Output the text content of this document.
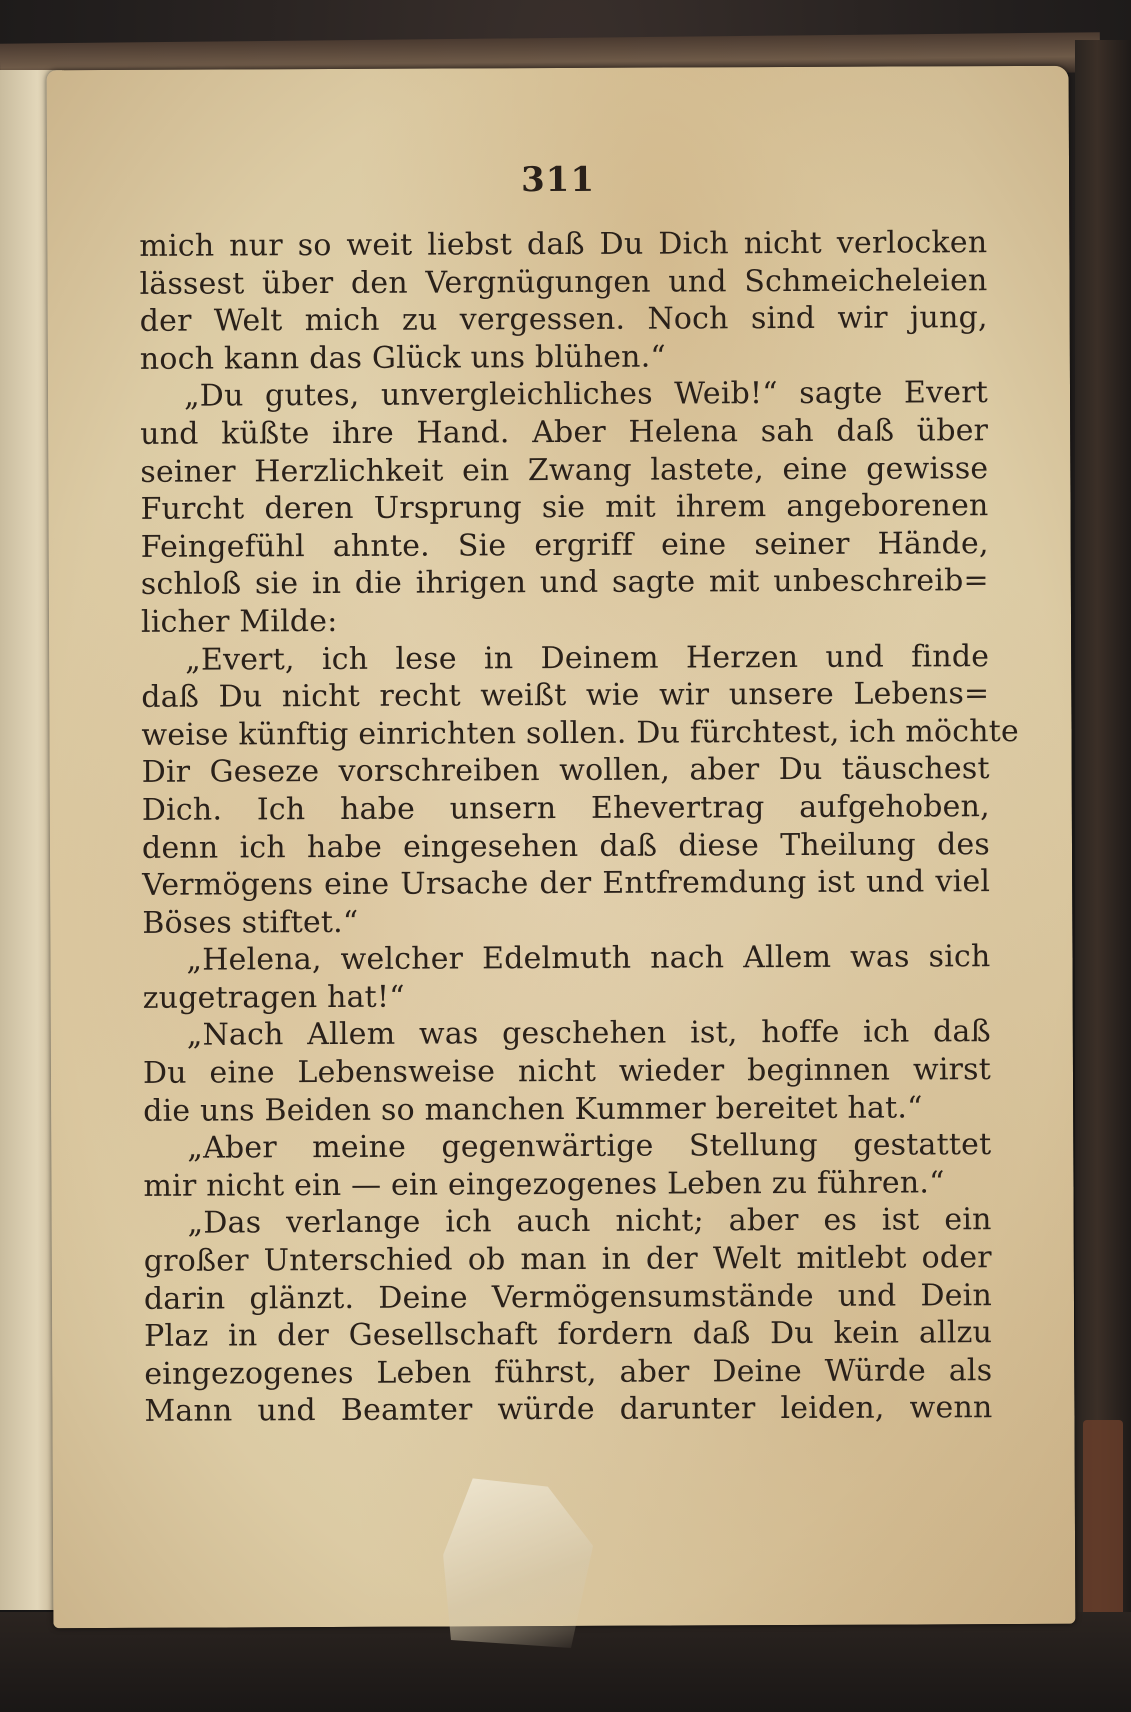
311
mich nur so weit liebst daß Du Dich nicht verlocken
lässest über den Vergnügungen und Schmeicheleien
der Welt mich zu vergessen. Noch sind wir jung,
noch kann das Glück uns blühen.“
„Du gutes, unvergleichliches Weib!“ sagte Evert
und küßte ihre Hand. Aber Helena sah daß über
seiner Herzlichkeit ein Zwang lastete, eine gewisse
Furcht deren Ursprung sie mit ihrem angeborenen
Feingefühl ahnte. Sie ergriff eine seiner Hände,
schloß sie in die ihrigen und sagte mit unbeschreib=
licher Milde:
„Evert, ich lese in Deinem Herzen und finde
daß Du nicht recht weißt wie wir unsere Lebens=
weise künftig einrichten sollen. Du fürchtest, ich möchte
Dir Geseze vorschreiben wollen, aber Du täuschest
Dich. Ich habe unsern Ehevertrag aufgehoben,
denn ich habe eingesehen daß diese Theilung des
Vermögens eine Ursache der Entfremdung ist und viel
Böses stiftet.“
„Helena, welcher Edelmuth nach Allem was sich
zugetragen hat!“
„Nach Allem was geschehen ist, hoffe ich daß
Du eine Lebensweise nicht wieder beginnen wirst
die uns Beiden so manchen Kummer bereitet hat.“
„Aber meine gegenwärtige Stellung gestattet
mir nicht ein — ein eingezogenes Leben zu führen.“
„Das verlange ich auch nicht; aber es ist ein
großer Unterschied ob man in der Welt mitlebt oder
darin glänzt. Deine Vermögensumstände und Dein
Plaz in der Gesellschaft fordern daß Du kein allzu
eingezogenes Leben führst, aber Deine Würde als
Mann und Beamter würde darunter leiden, wenn
